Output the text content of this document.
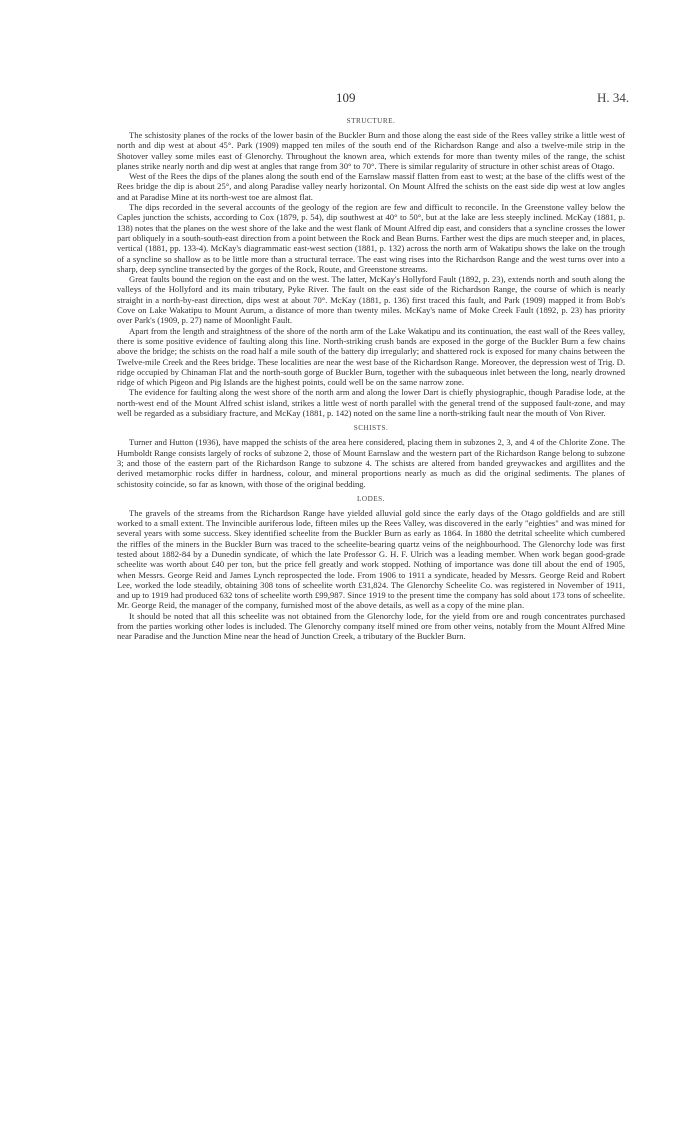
109	H. 34.
STRUCTURE.

The schistosity planes of the rocks of the lower basin of the Buckler Burn and those along the east side of the Rees valley strike a little west of north and dip west at about 45°. Park (1909) mapped ten miles of the south end of the Richardson Range and also a twelve-mile strip in the Shotover valley some miles east of Glenorchy. Throughout the known area, which extends for more than twenty miles of the range, the schist planes strike nearly north and dip west at angles that range from 30° to 70°. There is similar regularity of structure in other schist areas of Otago.

West of the Rees the dips of the planes along the south end of the Earnslaw massif flatten from east to west; at the base of the cliffs west of the Rees bridge the dip is about 25°, and along Paradise valley nearly horizontal. On Mount Alfred the schists on the east side dip west at low angles and at Paradise Mine at its north-west toe are almost flat.

The dips recorded in the several accounts of the geology of the region are few and difficult to reconcile. In the Greenstone valley below the Caples junction the schists, according to Cox (1879, p. 54), dip southwest at 40° to 50°, but at the lake are less steeply inclined. McKay (1881, p. 138) notes that the planes on the west shore of the lake and the west flank of Mount Alfred dip east, and considers that a syncline crosses the lower part obliquely in a south-south-east direction from a point between the Rock and Bean Burns. Farther west the dips are much steeper and, in places, vertical (1881, pp. 133-4). McKay's diagrammatic east-west section (1881, p. 132) across the north arm of Wakatipu shows the lake on the trough of a syncline so shallow as to be little more than a structural terrace. The east wing rises into the Richardson Range and the west turns over into a sharp, deep syncline transected by the gorges of the Rock, Route, and Greenstone streams.

Great faults bound the region on the east and on the west. The latter, McKay's Hollyford Fault (1892, p. 23), extends north and south along the valleys of the Hollyford and its main tributary, Pyke River. The fault on the east side of the Richardson Range, the course of which is nearly straight in a north-by-east direction, dips west at about 70°. McKay (1881, p. 136) first traced this fault, and Park (1909) mapped it from Bob's Cove on Lake Wakatipu to Mount Aurum, a distance of more than twenty miles. McKay's name of Moke Creek Fault (1892, p. 23) has priority over Park's (1909, p. 27) name of Moonlight Fault.

Apart from the length and straightness of the shore of the north arm of the Lake Wakatipu and its continuation, the east wall of the Rees valley, there is some positive evidence of faulting along this line. North-striking crush bands are exposed in the gorge of the Buckler Burn a few chains above the bridge; the schists on the road half a mile south of the battery dip irregularly; and shattered rock is exposed for many chains between the Twelve-mile Creek and the Rees bridge. These localities are near the west base of the Richardson Range. Moreover, the depression west of Trig. D. ridge occupied by Chinaman Flat and the north-south gorge of Buckler Burn, together with the subaqueous inlet between the long, nearly drowned ridge of which Pigeon and Pig Islands are the highest points, could well be on the same narrow zone.

The evidence for faulting along the west shore of the north arm and along the lower Dart is chiefly physiographic, though Paradise lode, at the north-west end of the Mount Alfred schist island, strikes a little west of north parallel with the general trend of the supposed fault-zone, and may well be regarded as a subsidiary fracture, and McKay (1881, p. 142) noted on the same line a north-striking fault near the mouth of Von River.

SCHISTS.

Turner and Hutton (1936), have mapped the schists of the area here considered, placing them in subzones 2, 3, and 4 of the Chlorite Zone. The Humboldt Range consists largely of rocks of subzone 2, those of Mount Earnslaw and the western part of the Richardson Range belong to subzone 3; and those of the eastern part of the Richardson Range to subzone 4. The schists are altered from banded greywackes and argillites and the derived metamorphic rocks differ in hardness, colour, and mineral proportions nearly as much as did the original sediments. The planes of schistosity coincide, so far as known, with those of the original bedding.

LODES.

The gravels of the streams from the Richardson Range have yielded alluvial gold since the early days of the Otago goldfields and are still worked to a small extent. The Invincible auriferous lode, fifteen miles up the Rees Valley, was discovered in the early "eighties" and was mined for several years with some success. Skey identified scheelite from the Buckler Burn as early as 1864. In 1880 the detrital scheelite which cumbered the riffles of the miners in the Buckler Burn was traced to the scheelite-bearing quartz veins of the neighbourhood. The Glenorchy lode was first tested about 1882-84 by a Dunedin syndicate, of which the late Professor G. H. F. Ulrich was a leading member. When work began good-grade scheelite was worth about £40 per ton, but the price fell greatly and work stopped. Nothing of importance was done till about the end of 1905, when Messrs. George Reid and James Lynch reprospected the lode. From 1906 to 1911 a syndicate, headed by Messrs. George Reid and Robert Lee, worked the lode steadily, obtaining 308 tons of scheelite worth £31,824. The Glenorchy Scheelite Co. was registered in November of 1911, and up to 1919 had produced 632 tons of scheelite worth £99,987. Since 1919 to the present time the company has sold about 173 tons of scheelite. Mr. George Reid, the manager of the company, furnished most of the above details, as well as a copy of the mine plan.

It should be noted that all this scheelite was not obtained from the Glenorchy lode, for the yield from ore and rough concentrates purchased from the parties working other lodes is included. The Glenorchy company itself mined ore from other veins, notably from the Mount Alfred Mine near Paradise and the Junction Mine near the head of Junction Creek, a tributary of the Buckler Burn.
